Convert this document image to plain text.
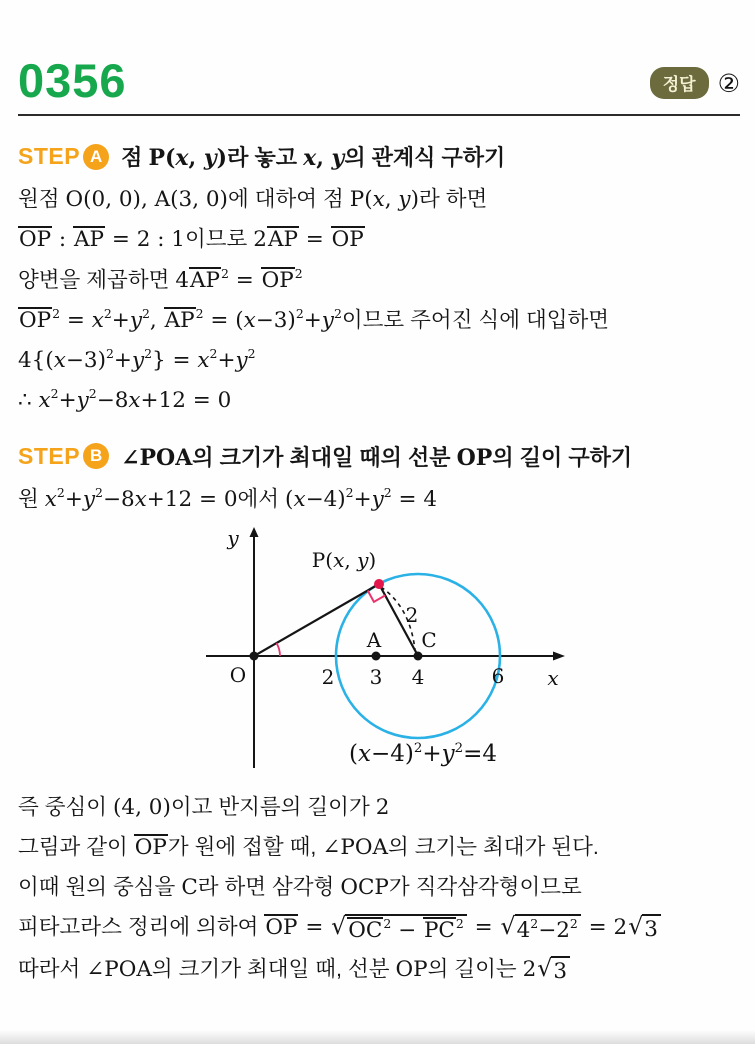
0356	정답 ②
STEP A 점 P(x, y)라 놓고 x, y의 관계식 구하기
원점 O(0, 0), A(3, 0)에 대하여 점 P(x, y)라 하면
OP : AP = 2 : 1이므로 2AP = OP
양변을 제곱하면 $4AP^2 = OP^2$
$OP^2 = x^2+y^2$, $AP^2 = (x-3)^2+y^2$이므로 주어진 식에 대입하면
$4\{(x-3)^2+y^2\} = x^2+y^2$
∴ $x^2+y^2-8x+12 = 0$
STEP B ∠POA의 크기가 최대일 때의 선분 OP의 길이 구하기
원 $x^2+y^2-8x+12 = 0$에서 $(x-4)^2+y^2 = 4$
y
x
O	2 3 4	6
A C
2
P(x, y)
$(x-4)^2+y^2=4$
즉 중심이 (4, 0)이고 반지름의 길이가 2
그림과 같이 OP가 원에 접할 때, ∠POA의 크기는 최대가 된다.
이때 원의 중심을 C라 하면 삼각형 OCP가 직각삼각형이므로
피타고라스 정리에 의하여 OP = √ $OC^2 - PC^2$ = √ $4^2-2^2 = 2$ √ 3
따라서 ∠POA의 크기가 최대일 때, 선분 OP의 길이는 2 √ 3
